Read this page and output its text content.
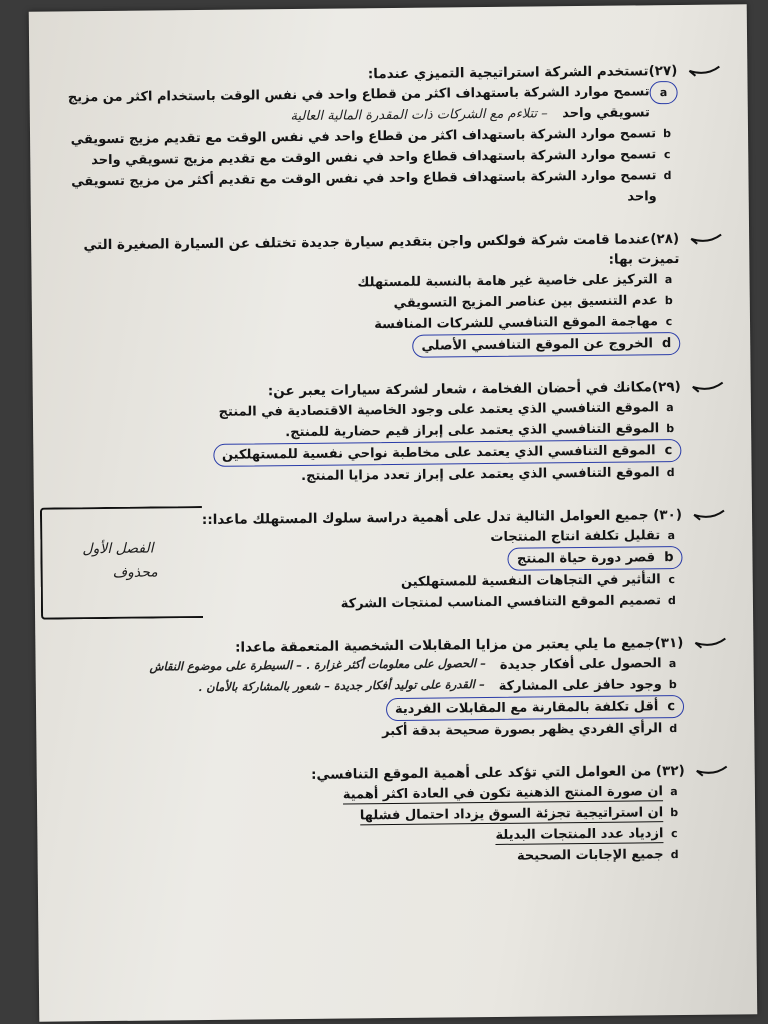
(٢٧)تستخدم الشركة استراتيجية التميزي عندما:
a
تسمح موارد الشركة باستهداف اكثر من قطاع واحد في نفس الوقت باستخدام اكثر من مزيج تسويقي واحد – تتلاءم مع الشركات ذات المقدرة المالية العالية
b
تسمح موارد الشركة باستهداف اكثر من قطاع واحد في نفس الوقت مع تقديم مزيج تسويقي
c
تسمح موارد الشركة باستهداف قطاع واحد في نفس الوقت مع تقديم مزيج تسويقي واحد
d
تسمح موارد الشركة باستهداف قطاع واحد في نفس الوقت مع تقديم أكثر من مزيج تسويقي واحد
(٢٨)عندما قامت شركة فولكس واجن بتقديم سيارة جديدة تختلف عن السيارة الصغيرة التي تميزت بها:
a
التركيز على خاصية غير هامة بالنسبة للمستهلك
b
عدم التنسيق بين عناصر المزيج التسويقي
c
مهاجمة الموقع التنافسي للشركات المنافسة
d  الخروج عن الموقع التنافسي الأصلي
(٢٩)مكانك في أحضان الفخامة ، شعار لشركة سيارات يعبر عن:
a
الموقع التنافسي الذي يعتمد على وجود الخاصية الاقتصادية في المنتج
b
الموقع التنافسي الذي يعتمد على إبراز قيم حضارية للمنتج.
c  الموقع التنافسي الذي يعتمد على مخاطبة نواحي نفسية للمستهلكين
d
الموقع التنافسي الذي يعتمد على إبراز تعدد مزايا المنتج.
(٣٠) جميع العوامل التالية تدل على أهمية دراسة سلوك المستهلك ماعدا::
الفصل الأول
محذوف
a
تقليل تكلفة انتاج المنتجات
b  قصر دورة حياة المنتج
c
التأثير في التجاهات النفسية للمستهلكين
d
تصميم الموقع التنافسي المناسب لمنتجات الشركة
(٣١)جميع ما يلي يعتبر من مزايا المقابلات الشخصية المتعمقة ماعدا:
a
الحصول على أفكار جديدة
– الحصول على معلومات أكثر غزارة . – السيطرة على موضوع النقاش
b
وجود حافز على المشاركة
– القدرة على توليد أفكار جديدة – شعور بالمشاركة بالأمان .
c  أقل تكلفة بالمقارنة مع المقابلات الفردية
d
الرأي الفردي يظهر بصورة صحيحة بدقة أكبر
(٣٢) من العوامل التي تؤكد على أهمية الموقع التنافسي:
a
ان صورة المنتج الذهنية تكون في العادة اكثر أهمية
b
ان استراتيجية تجزئة السوق يزداد احتمال فشلها
c
ازدياد عدد المنتجات البديلة
d
جميع الإجابات الصحيحة
